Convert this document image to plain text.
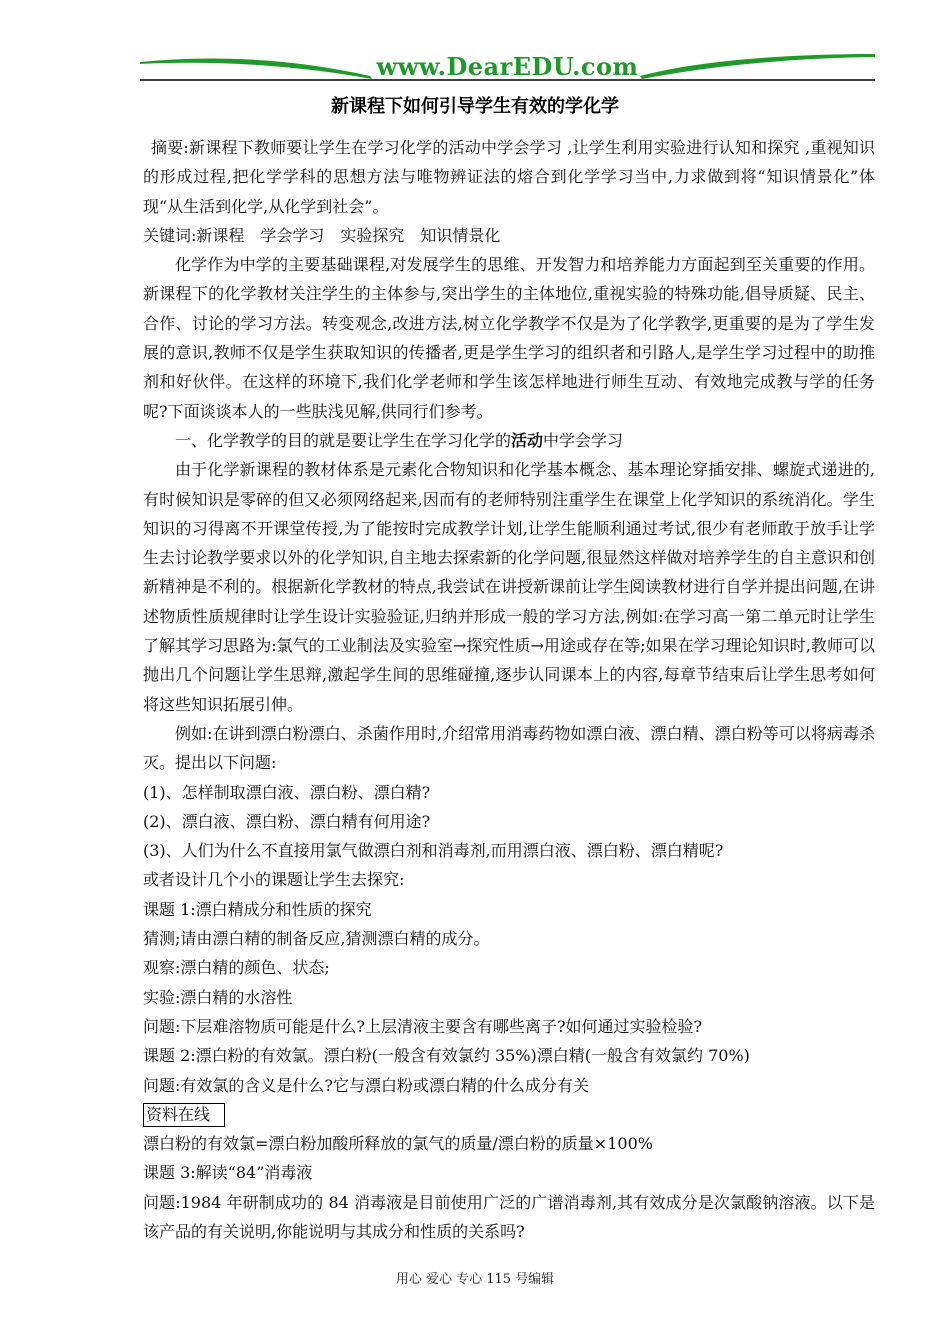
www.DearEDU.com
新课程下如何引导学生有效的学化学

摘要:新课程下教师要让学生在学习化学的活动中学会学习 ,让学生利用实验进行认知和探究 ,重视知识的形成过程,把化学学科的思想方法与唯物辨证法的熔合到化学学习当中,力求做到将“知识情景化”体现“从生活到化学,从化学到社会”。

关键词:新课程　学会学习　实验探究　知识情景化

化学作为中学的主要基础课程,对发展学生的思维、开发智力和培养能力方面起到至关重要的作用。新课程下的化学教材关注学生的主体参与,突出学生的主体地位,重视实验的特殊功能,倡导质疑、民主、合作、讨论的学习方法。转变观念,改进方法,树立化学教学不仅是为了化学教学,更重要的是为了学生发展的意识,教师不仅是学生获取知识的传播者,更是学生学习的组织者和引路人,是学生学习过程中的助推剂和好伙伴。在这样的环境下,我们化学老师和学生该怎样地进行师生互动、有效地完成教与学的任务呢?下面谈谈本人的一些肤浅见解,供同行们参考。

一、化学教学的目的就是要让学生在学习化学的活动中学会学习

由于化学新课程的教材体系是元素化合物知识和化学基本概念、基本理论穿插安排、螺旋式递进的,有时候知识是零碎的但又必须网络起来,因而有的老师特别注重学生在课堂上化学知识的系统消化。学生知识的习得离不开课堂传授,为了能按时完成教学计划,让学生能顺利通过考试,很少有老师敢于放手让学生去讨论教学要求以外的化学知识,自主地去探索新的化学问题,很显然这样做对培养学生的自主意识和创新精神是不利的。根据新化学教材的特点,我尝试在讲授新课前让学生阅读教材进行自学并提出问题,在讲述物质性质规律时让学生设计实验验证,归纳并形成一般的学习方法,例如:在学习高一第二单元时让学生了解其学习思路为:氯气的工业制法及实验室→探究性质→用途或存在等;如果在学习理论知识时,教师可以抛出几个问题让学生思辩,激起学生间的思维碰撞,逐步认同课本上的内容,每章节结束后让学生思考如何将这些知识拓展引伸。

例如:在讲到漂白粉漂白、杀菌作用时,介绍常用消毒药物如漂白液、漂白精、漂白粉等可以将病毒杀灭。提出以下问题:

(1)、怎样制取漂白液、漂白粉、漂白精?

(2)、漂白液、漂白粉、漂白精有何用途?

(3)、人们为什么不直接用氯气做漂白剂和消毒剂,而用漂白液、漂白粉、漂白精呢?

或者设计几个小的课题让学生去探究:

课题 1:漂白精成分和性质的探究

猜测;请由漂白精的制备反应,猜测漂白精的成分。

观察:漂白精的颜色、状态;

实验:漂白精的水溶性

问题:下层难溶物质可能是什么?上层清液主要含有哪些离子?如何通过实验检验?

课题 2:漂白粉的有效氯。漂白粉(一般含有效氯约 35%)漂白精(一般含有效氯约 70%)

问题:有效氯的含义是什么?它与漂白粉或漂白精的什么成分有关

资料在线

漂白粉的有效氯=漂白粉加酸所释放的氯气的质量/漂白粉的质量×100%

课题 3:解读“84”消毒液

问题:1984 年研制成功的 84 消毒液是目前使用广泛的广谱消毒剂,其有效成分是次氯酸钠溶液。以下是该产品的有关说明,你能说明与其成分和性质的关系吗?

用心 爱心 专心 115 号编辑
